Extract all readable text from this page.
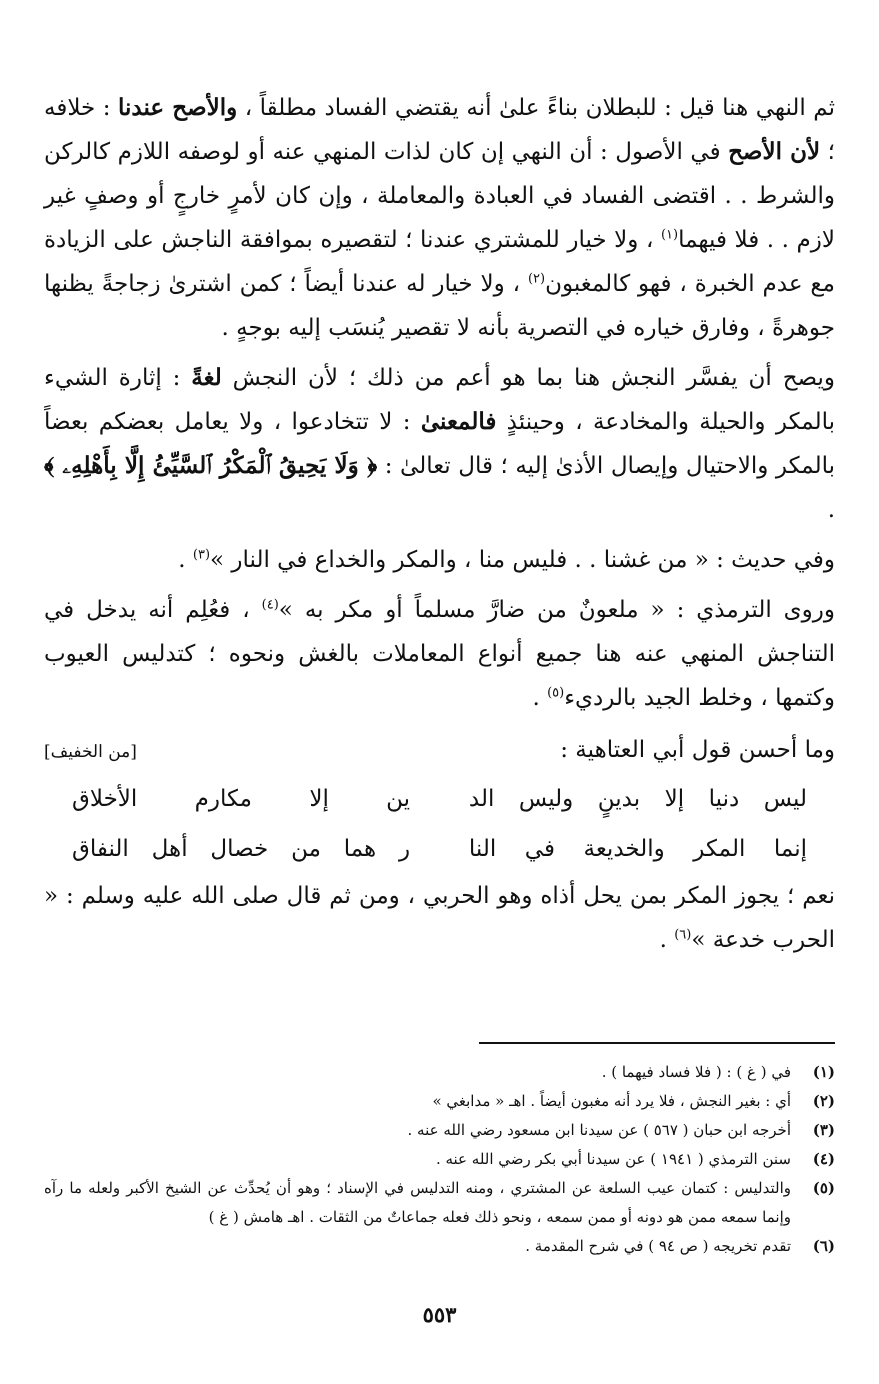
ثم النهي هنا قيل : للبطلان بناءً علىٰ أنه يقتضي الفساد مطلقاً ، والأصح عندنا : خلافه ؛ لأن الأصح في الأصول : أن النهي إن كان لذات المنهي عنه أو لوصفه اللازم كالركن والشرط . . اقتضى الفساد في العبادة والمعاملة ، وإن كان لأمرٍ خارجٍ أو وصفٍ غير لازم . . فلا فيهما$^{(١)}$ ، ولا خيار للمشتري عندنا ؛ لتقصيره بموافقة الناجش على الزيادة مع عدم الخبرة ، فهو كالمغبون$^{(٢)}$ ، ولا خيار له عندنا أيضاً ؛ كمن اشترىٰ زجاجةً يظنها جوهرةً ، وفارق خياره في التصرية بأنه لا تقصير يُنسَب إليه بوجهٍ .

ويصح أن يفسَّر النجش هنا بما هو أعم من ذلك ؛ لأن النجش لغةً : إثارة الشيء بالمكر والحيلة والمخادعة ، وحينئذٍ فالمعنىٰ : لا تتخادعوا ، ولا يعامل بعضكم بعضاً بالمكر والاحتيال وإيصال الأذىٰ إليه ؛ قال تعالىٰ : ﴿ وَلَا يَحِيقُ ٱلْمَكْرُ ٱلسَّيِّئُ إِلَّا بِأَهْلِهِۦ ﴾ .

وفي حديث : « من غشنا . . فليس منا ، والمكر والخداع في النار »$^{(٣)}$ .

وروى الترمذي : « ملعونٌ من ضارَّ مسلماً أو مكر به »$^{(٤)}$ ، فعُلِم أنه يدخل في التناجش المنهي عنه هنا جميع أنواع المعاملات بالغش ونحوه ؛ كتدليس العيوب وكتمها ، وخلط الجيد بالرديء$^{(٥)}$ .

وما أحسن قول أبي العتاهية :
[من الخفيف]
ليس دنيا إلا بدينٍ وليس الد
ين إلا مكارم الأخلاق
إنما المكر والخديعة في النا
ر هما من خصال أهل النفاق

نعم ؛ يجوز المكر بمن يحل أذاه وهو الحربي ، ومن ثم قال صلى الله عليه وسلم : « الحرب خدعة »$^{(٦)}$ .

(١)
في ( غ ) : ( فلا فساد فيهما ) .
(٢)
أي : بغير النجش ، فلا يرد أنه مغبون أيضاً . اهـ « مدابغي »
(٣)
أخرجه ابن حبان ( ٥٦٧ ) عن سيدنا ابن مسعود رضي الله عنه .
(٤)
سنن الترمذي ( ١٩٤١ ) عن سيدنا أبي بكر رضي الله عنه .
(٥)
والتدليس : كتمان عيب السلعة عن المشتري ، ومنه التدليس في الإسناد ؛ وهو أن يُحدِّث عن الشيخ الأكبر ولعله ما رآه وإنما سمعه ممن هو دونه أو ممن سمعه ، ونحو ذلك فعله جماعاتٌ من الثقات . اهـ هامش ( غ )
(٦)
تقدم تخريجه ( ص ٩٤ ) في شرح المقدمة .
٥٥٣
